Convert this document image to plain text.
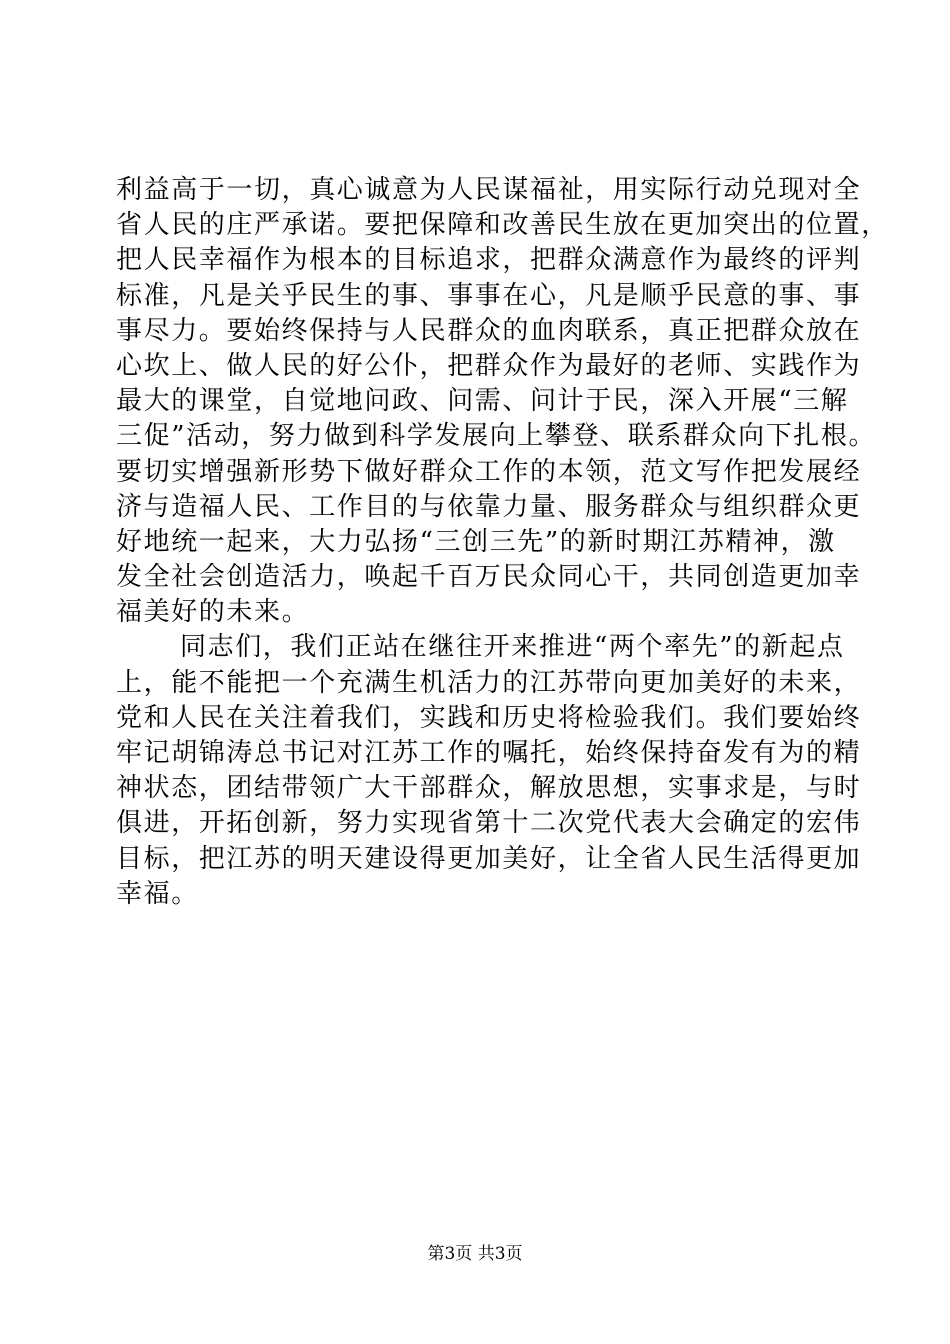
利益高于一切，真心诚意为人民谋福祉，用实际行动兑现对全
省人民的庄严承诺。要把保障和改善民生放在更加突出的位置，
把人民幸福作为根本的目标追求，把群众满意作为最终的评判
标准，凡是关乎民生的事、事事在心，凡是顺乎民意的事、事
事尽力。要始终保持与人民群众的血肉联系，真正把群众放在
心坎上、做人民的好公仆，把群众作为最好的老师、实践作为
最大的课堂，自觉地问政、问需、问计于民，深入开展“三解
三促”活动，努力做到科学发展向上攀登、联系群众向下扎根。
要切实增强新形势下做好群众工作的本领，范文写作把发展经
济与造福人民、工作目的与依靠力量、服务群众与组织群众更
好地统一起来，大力弘扬“三创三先”的新时期江苏精神，激
发全社会创造活力，唤起千百万民众同心干，共同创造更加幸
福美好的未来。
同志们，我们正站在继往开来推进“两个率先”的新起点
上，能不能把一个充满生机活力的江苏带向更加美好的未来，
党和人民在关注着我们，实践和历史将检验我们。我们要始终
牢记胡锦涛总书记对江苏工作的嘱托，始终保持奋发有为的精
神状态，团结带领广大干部群众，解放思想，实事求是，与时
俱进，开拓创新，努力实现省第十二次党代表大会确定的宏伟
目标，把江苏的明天建设得更加美好，让全省人民生活得更加
幸福。
第3页 共3页
